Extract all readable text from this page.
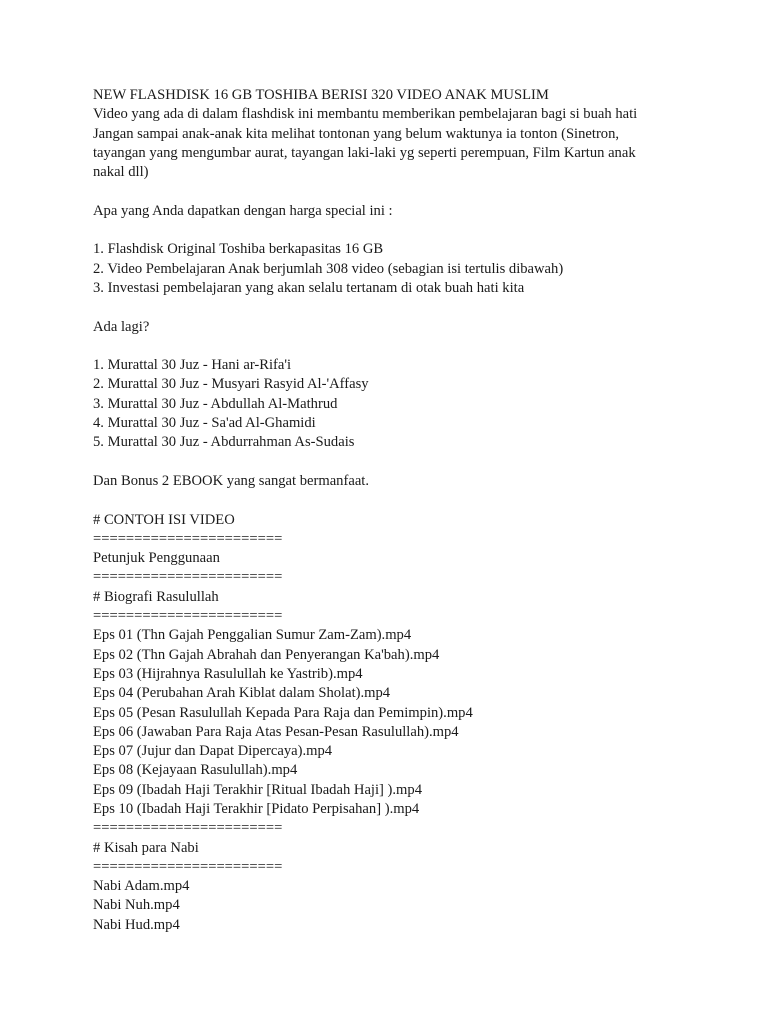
NEW FLASHDISK 16 GB TOSHIBA BERISI 320 VIDEO ANAK MUSLIM
Video yang ada di dalam flashdisk ini membantu memberikan pembelajaran bagi si buah hati
Jangan sampai anak-anak kita melihat tontonan yang belum waktunya ia tonton (Sinetron,
tayangan yang mengumbar aurat, tayangan laki-laki yg seperti perempuan, Film Kartun anak
nakal dll)
Apa yang Anda dapatkan dengan harga special ini :
1. Flashdisk Original Toshiba berkapasitas 16 GB
2. Video Pembelajaran Anak berjumlah 308 video (sebagian isi tertulis dibawah)
3. Investasi pembelajaran yang akan selalu tertanam di otak buah hati kita
Ada lagi?
1. Murattal 30 Juz - Hani ar-Rifa'i
2. Murattal 30 Juz - Musyari Rasyid Al-'Affasy
3. Murattal 30 Juz - Abdullah Al-Mathrud
4. Murattal 30 Juz - Sa'ad Al-Ghamidi
5. Murattal 30 Juz - Abdurrahman As-Sudais
Dan Bonus 2 EBOOK yang sangat bermanfaat.
# CONTOH ISI VIDEO
=======================
Petunjuk Penggunaan
=======================
# Biografi Rasulullah
=======================
Eps 01 (Thn Gajah Penggalian Sumur Zam-Zam).mp4
Eps 02 (Thn Gajah Abrahah dan Penyerangan Ka'bah).mp4
Eps 03 (Hijrahnya Rasulullah ke Yastrib).mp4
Eps 04 (Perubahan Arah Kiblat dalam Sholat).mp4
Eps 05 (Pesan Rasulullah Kepada Para Raja dan Pemimpin).mp4
Eps 06 (Jawaban Para Raja Atas Pesan-Pesan Rasulullah).mp4
Eps 07 (Jujur dan Dapat Dipercaya).mp4
Eps 08 (Kejayaan Rasulullah).mp4
Eps 09 (Ibadah Haji Terakhir [Ritual Ibadah Haji] ).mp4
Eps 10 (Ibadah Haji Terakhir [Pidato Perpisahan] ).mp4
=======================
# Kisah para Nabi
=======================
Nabi Adam.mp4
Nabi Nuh.mp4
Nabi Hud.mp4
